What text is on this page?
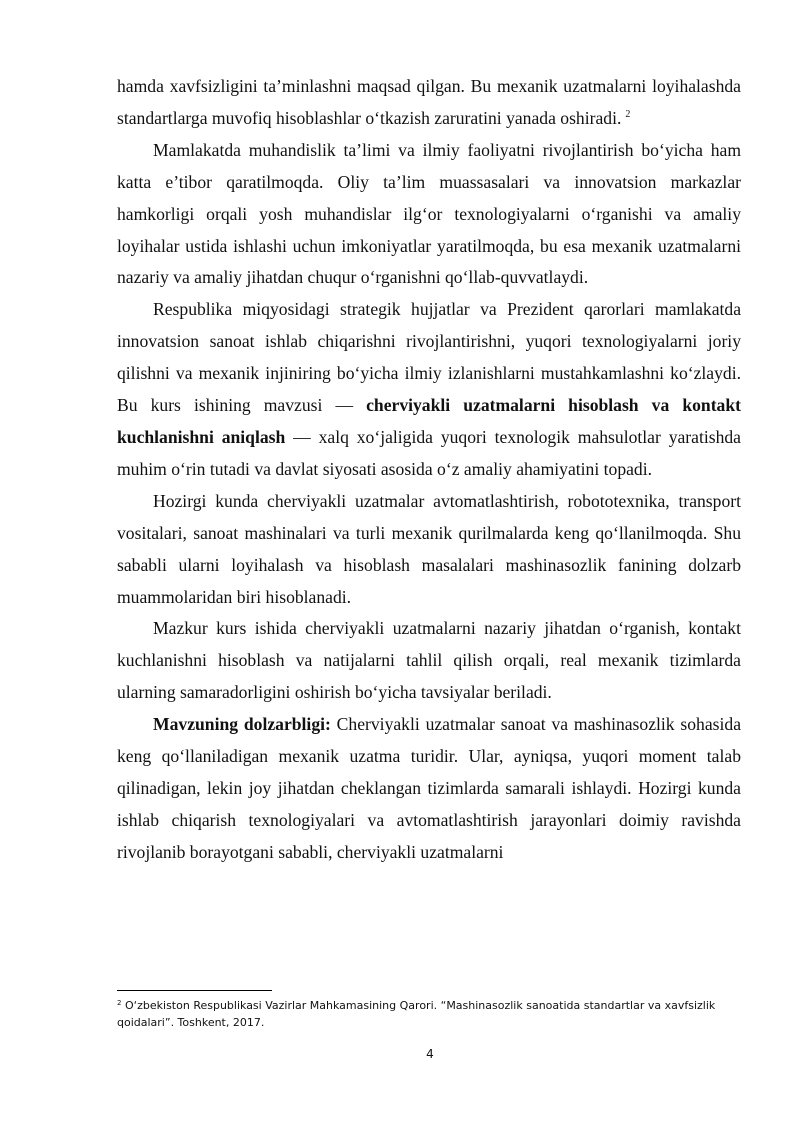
hamda xavfsizligini ta’minlashni maqsad qilgan. Bu mexanik uzatmalarni loyihalashda standartlarga muvofiq hisoblashlar o‘tkazish zaruratini yanada oshiradi. $^2$

Mamlakatda muhandislik ta’limi va ilmiy faoliyatni rivojlantirish bo‘yicha ham katta e’tibor qaratilmoqda. Oliy ta’lim muassasalari va innovatsion markazlar hamkorligi orqali yosh muhandislar ilg‘or texnologiyalarni o‘rganishi va amaliy loyihalar ustida ishlashi uchun imkoniyatlar yaratilmoqda, bu esa mexanik uzatmalarni nazariy va amaliy jihatdan chuqur o‘rganishni qo‘llab-quvvatlaydi.

Respublika miqyosidagi strategik hujjatlar va Prezident qarorlari mamlakatda innovatsion sanoat ishlab chiqarishni rivojlantirishni, yuqori texnologiyalarni joriy qilishni va mexanik injiniring bo‘yicha ilmiy izlanishlarni mustahkamlashni ko‘zlaydi. Bu kurs ishining mavzusi — cherviyakli uzatmalarni hisoblash va kontakt kuchlanishni aniqlash — xalq xo‘jaligida yuqori texnologik mahsulotlar yaratishda muhim o‘rin tutadi va davlat siyosati asosida o‘z amaliy ahamiyatini topadi.

Hozirgi kunda cherviyakli uzatmalar avtomatlashtirish, robototexnika, transport vositalari, sanoat mashinalari va turli mexanik qurilmalarda keng qo‘llanilmoqda. Shu sababli ularni loyihalash va hisoblash masalalari mashinasozlik fanining dolzarb muammolaridan biri hisoblanadi.

Mazkur kurs ishida cherviyakli uzatmalarni nazariy jihatdan o‘rganish, kontakt kuchlanishni hisoblash va natijalarni tahlil qilish orqali, real mexanik tizimlarda ularning samaradorligini oshirish bo‘yicha tavsiyalar beriladi.

Mavzuning dolzarbligi: Cherviyakli uzatmalar sanoat va mashinasozlik sohasida keng qo‘llaniladigan mexanik uzatma turidir. Ular, ayniqsa, yuqori moment talab qilinadigan, lekin joy jihatdan cheklangan tizimlarda samarali ishlaydi. Hozirgi kunda ishlab chiqarish texnologiyalari va avtomatlashtirish jarayonlari doimiy ravishda rivojlanib borayotgani sababli, cherviyakli uzatmalarni

$^2$ O‘zbekiston Respublikasi Vazirlar Mahkamasining Qarori. “Mashinasozlik sanoatida standartlar va xavfsizlik qoidalari”. Toshkent, 2017.
4
